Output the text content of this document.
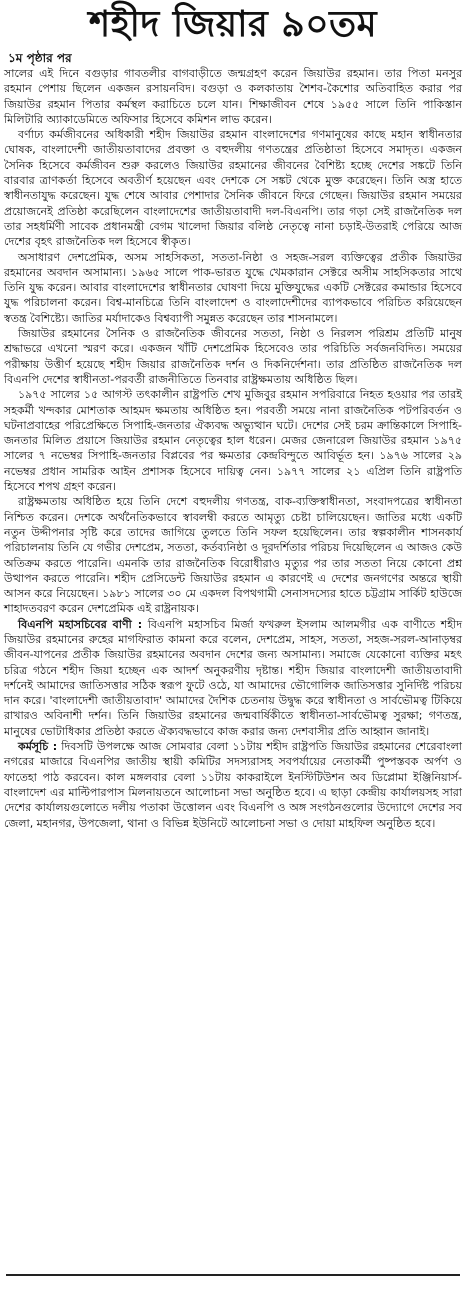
শহীদ জিয়ার ৯০তম
১ম পৃষ্ঠার পর

সালের এই দিনে বগুড়ার গাবতলীর বাগবাড়ীতে জন্মগ্রহণ করেন জিয়াউর রহমান। তার পিতা মনসুর রহমান পেশায় ছিলেন একজন রসায়নবিদ। বগুড়া ও কলকাতায় শৈশব-কৈশোর অতিবাহিত করার পর জিয়াউর রহমান পিতার কর্মস্থল করাচিতে চলে যান। শিক্ষাজীবন শেষে ১৯৫৫ সালে তিনি পাকিস্তান মিলিটারি অ্যাকাডেমিতে অফিসার হিসেবে কমিশন লাভ করেন।

বর্ণাঢ্য কর্মজীবনের অধিকারী শহীদ জিয়াউর রহমান বাংলাদেশের গণমানুষের কাছে মহান স্বাধীনতার ঘোষক, বাংলাদেশী জাতীয়তাবাদের প্রবক্তা ও বহুদলীয় গণতন্ত্রের প্রতিষ্ঠাতা হিসেবে সমাদৃত। একজন সৈনিক হিসেবে কর্মজীবন শুরু করলেও জিয়াউর রহমানের জীবনের বৈশিষ্ট্য হচ্ছে দেশের সঙ্কটে তিনি বারবার ত্রাণকর্তা হিসেবে অবতীর্ণ হয়েছেন এবং দেশকে সে সঙ্কট থেকে মুক্ত করেছেন। তিনি অস্ত্র হাতে স্বাধীনতাযুদ্ধ করেছেন। যুদ্ধ শেষে আবার পেশাদার সৈনিক জীবনে ফিরে গেছেন। জিয়াউর রহমান সময়ের প্রয়োজনেই প্রতিষ্ঠা করেছিলেন বাংলাদেশের জাতীয়তাবাদী দল-বিএনপি। তার গড়া সেই রাজনৈতিক দল তার সহধর্মিণী সাবেক প্রধানমন্ত্রী বেগম খালেদা জিয়ার বলিষ্ঠ নেতৃত্বে নানা চড়াই-উতরাই পেরিয়ে আজ দেশের বৃহৎ রাজনৈতিক দল হিসেবে স্বীকৃত।

অসাধারণ দেশপ্রেমিক, অসম সাহসিকতা, সততা-নিষ্ঠা ও সহজ-সরল ব্যক্তিত্বের প্রতীক জিয়াউর রহমানের অবদান অসামান্য। ১৯৬৫ সালে পাক-ভারত যুদ্ধে খেমকারান সেক্টরে অসীম সাহসিকতার সাথে তিনি যুদ্ধ করেন। আবার বাংলাদেশের স্বাধীনতার ঘোষণা দিয়ে মুক্তিযুদ্ধের একটি সেক্টরের কমান্ডার হিসেবে যুদ্ধ পরিচালনা করেন। বিশ্ব-মানচিত্রে তিনি বাংলাদেশ ও বাংলাদেশীদের ব্যাপকভাবে পরিচিত করিয়েছেন স্বতন্ত্র বৈশিষ্ট্যে। জাতির মর্যাদাকেও বিশ্বব্যাপী সমুন্নত করেছেন তার শাসনামলে।

জিয়াউর রহমানের সৈনিক ও রাজনৈতিক জীবনের সততা, নিষ্ঠা ও নিরলস পরিশ্রম প্রতিটি মানুষ শ্রদ্ধাভরে এখনো স্মরণ করে। একজন খাঁটি দেশপ্রেমিক হিসেবেও তার পরিচিতি সর্বজনবিদিত। সময়ের পরীক্ষায় উত্তীর্ণ হয়েছে শহীদ জিয়ার রাজনৈতিক দর্শন ও দিকনির্দেশনা। তার প্রতিষ্ঠিত রাজনৈতিক দল বিএনপি দেশের স্বাধীনতা-পরবর্তী রাজনীতিতে তিনবার রাষ্ট্রক্ষমতায় অধিষ্ঠিত ছিল।

১৯৭৫ সালের ১৫ আগস্ট তৎকালীন রাষ্ট্রপতি শেখ মুজিবুর রহমান সপরিবারে নিহত হওয়ার পর তারই সহকর্মী খন্দকার মোশতাক আহমদ ক্ষমতায় অধিষ্ঠিত হন। পরবর্তী সময়ে নানা রাজনৈতিক পটপরিবর্তন ও ঘটনাপ্রবাহের পরিপ্রেক্ষিতে সিপাহি-জনতার ঐক্যবদ্ধ অভ্যুত্থান ঘটে। দেশের সেই চরম ক্রান্তিকালে সিপাহি-জনতার মিলিত প্রয়াসে জিয়াউর রহমান নেতৃত্বের হাল ধরেন। মেজর জেনারেল জিয়াউর রহমান ১৯৭৫ সালের ৭ নভেম্বর সিপাহি-জনতার বিপ্লবের পর ক্ষমতার কেন্দ্রবিন্দুতে আবির্ভূত হন। ১৯৭৬ সালের ২৯ নভেম্বর প্রধান সামরিক আইন প্রশাসক হিসেবে দায়িত্ব নেন। ১৯৭৭ সালের ২১ এপ্রিল তিনি রাষ্ট্রপতি হিসেবে শপথ গ্রহণ করেন।

রাষ্ট্রক্ষমতায় অধিষ্ঠিত হয়ে তিনি দেশে বহুদলীয় গণতন্ত্র, বাক-ব্যক্তিস্বাধীনতা, সংবাদপত্রের স্বাধীনতা নিশ্চিত করেন। দেশকে অর্থনৈতিকভাবে স্বাবলম্বী করতে আমৃত্যু চেষ্টা চালিয়েছেন। জাতির মধ্যে একটি নতুন উদ্দীপনার সৃষ্টি করে তাদের জাগিয়ে তুলতে তিনি সফল হয়েছিলেন। তার স্বল্পকালীন শাসনকার্য পরিচালনায় তিনি যে গভীর দেশপ্রেম, সততা, কর্তব্যনিষ্ঠা ও দূরদর্শিতার পরিচয় দিয়েছিলেন এ আজও কেউ অতিক্রম করতে পারেনি। এমনকি তার রাজনৈতিক বিরোধীরাও মৃত্যুর পর তার সততা নিয়ে কোনো প্রশ্ন উত্থাপন করতে পারেনি। শহীদ প্রেসিডেন্ট জিয়াউর রহমান এ কারণেই এ দেশের জনগণের অন্তরে স্থায়ী আসন করে নিয়েছেন। ১৯৮১ সালের ৩০ মে একদল বিপথগামী সেনাসদস্যের হাতে চট্টগ্রাম সার্কিট হাউজে শাহাদতবরণ করেন দেশপ্রেমিক এই রাষ্ট্রনায়ক।

বিএনপি মহাসচিবের বাণী : বিএনপি মহাসচিব মির্জা ফখরুল ইসলাম আলমগীর এক বাণীতে শহীদ জিয়াউর রহমানের রুহের মাগফিরাত কামনা করে বলেন, দেশপ্রেম, সাহস, সততা, সহজ-সরল-আনাড়ম্বর জীবন-যাপনের প্রতীক জিয়াউর রহমানের অবদান দেশের জন্য অসামান্য। সমাজে যেকোনো ব্যক্তির মহৎ চরিত্র গঠনে শহীদ জিয়া হচ্ছেন এক আদর্শ অনুকরণীয় দৃষ্টান্ত। শহীদ জিয়ার বাংলাদেশী জাতীয়তাবাদী দর্শনেই আমাদের জাতিসত্তার সঠিক স্বরূপ ফুটে ওঠে, যা আমাদের ভৌগোলিক জাতিসত্তার সুনির্দিষ্ট পরিচয় দান করে। 'বাংলাদেশী জাতীয়তাবাদ' আমাদের দৈশিক চেতনায় উদ্বুদ্ধ করে স্বাধীনতা ও সার্বভৌমত্ব টিকিয়ে রাখারও অবিনাশী দর্শন। তিনি জিয়াউর রহমানের জন্মবার্ষিকীতে স্বাধীনতা-সার্বভৌমত্ব সুরক্ষা; গণতন্ত্র, মানুষের ভোটাধিকার প্রতিষ্ঠা করতে ঐক্যবদ্ধভাবে কাজ করার জন্য দেশবাসীর প্রতি আহ্বান জানাই।

কর্মসূচি : দিবসটি উপলক্ষে আজ সোমবার বেলা ১১টায় শহীদ রাষ্ট্রপতি জিয়াউর রহমানের শেরেবাংলা নগরের মাজারে বিএনপির জাতীয় স্থায়ী কমিটির সদস্যরাসহ সবপর্যায়ের নেতাকর্মী পুষ্পস্তবক অর্পণ ও ফাতেহা পাঠ করবেন। কাল মঙ্গলবার বেলা ১১টায় কাকরাইলে ইনস্টিটিউশন অব ডিপ্লোমা ইঞ্জিনিয়ার্স-বাংলাদেশ এর মাল্টিপারপাস মিলনায়তনে আলোচনা সভা অনুষ্ঠিত হবে। এ ছাড়া কেন্দ্রীয় কার্যালয়সহ সারা দেশের কার্যালয়গুলোতে দলীয় পতাকা উত্তোলন এবং বিএনপি ও অঙ্গ সংগঠনগুলোর উদ্যোগে দেশের সব জেলা, মহানগর, উপজেলা, থানা ও বিভিন্ন ইউনিটে আলোচনা সভা ও দোয়া মাহফিল অনুষ্ঠিত হবে।
